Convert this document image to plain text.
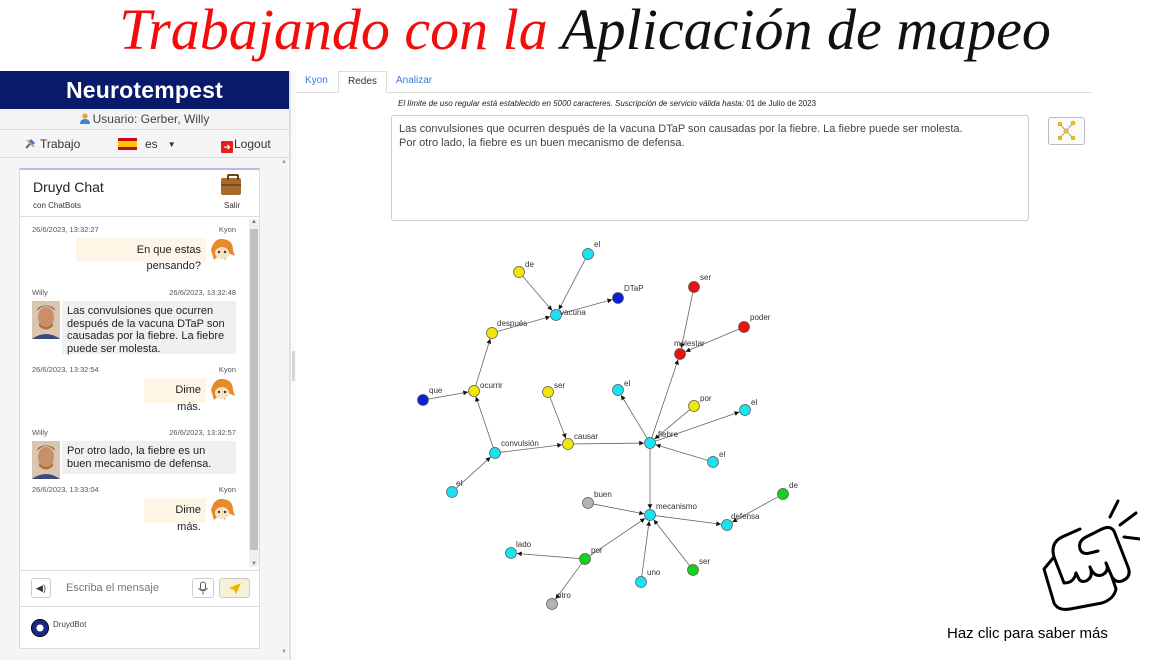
Trabajando con la Aplicación de mapeo
Neurotempest
Usuario: Gerber, Willy
Trabajo	es ▼	➜ Logout
▲
▼
Druyd Chat
con ChatBots	Salir
26/6/2023, 13:32:27	Kyon
En que estas pensando?
Willy	26/6/2023, 13:32:48
Las convulsiones que ocurren después de la vacuna DTaP son causadas por la fiebre. La fiebre puede ser molesta.
26/6/2023, 13:32:54	Kyon
Dime más.
Willy	26/6/2023, 13:32:57
Por otro lado, la fiebre es un buen mecanismo de defensa.
26/6/2023, 13:33:04	Kyon
Dime más.
▲
▼
◀)
Escriba el mensaje
DruydBot
Kyon	Redes	Analizar
El límite de uso regular está establecido en 5000 caracteres. Suscripción de servicio válida hasta: 01 de Julio de 2023
Las convulsiones que ocurren después de la vacuna DTaP son causadas por la fiebre. La fiebre puede ser molesta. Por otro lado, la fiebre es un buen mecanismo de defensa.
el
de
DTaP
vacuna
después
ser
poder
molestar
que
ocurrir	ser	el
por	el
convulsión
causar	fiebre
el
el
buen
de
mecanismo
defensa
lado
por
ser
uno
otro
Haz clic para saber más
